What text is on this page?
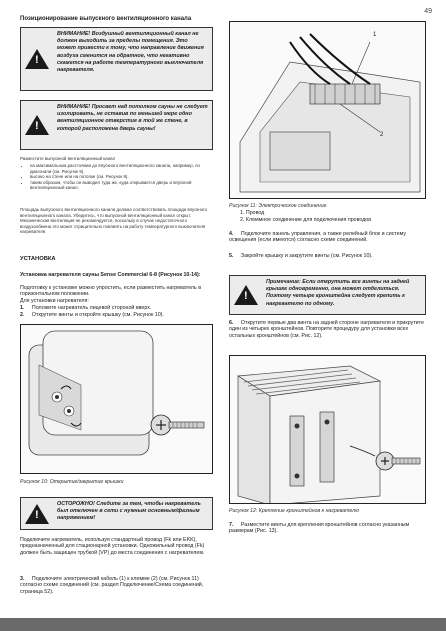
49
Позиционирование выпускного вентиляционного канала
!
ВНИМАНИЕ! Воздушный вентиляционный канал не должен выходить за пределы помещения. Это может привести к тому, что направление движения воздуха сменится на обратное, что негативно скажется на работе температурного выключателя нагревателя.
!
ВНИМАНИЕ! Просвет над потолком сауны не следует изолировать, не оставив по меньшей мере одно вентиляционное отверстие в той же стене, в которой расположена дверь сауны!
Разместите выпускной вентиляционный канал
• на максимальном расстоянии до впускного вентиляционного канала, например, по диагонали (см. Рисунок 9).
• высоко на стене или на потолке (см. Рисунок 9).
• таким образом, чтобы он выводил туда же, куда открывается дверь и впускной вентиляционный канал.
Площадь выпускного вентиляционного канала должна соответствовать площади впускного вентиляционного канала. Убедитесь, что выпускной вентиляционный канал открыт. Механическая вентиляция не рекомендуется, поскольку в случае недостаточного воздухообмена это может отрицательно повлиять на работу температурного выключателя нагревателя.
УСТАНОВКА
Установка нагревателя сауны Sense Commercial 6-8 (Рисунок 10-14):
Подготовку к установке можно упростить, если разместить нагреватель в горизонтальном положении.
Для установки нагревателя:
1. Положите нагреватель лицевой стороной вверх.
2. Открутите винты и откройте крышку (см. Рисунок 10).
Рисунок 10: Открытие/закрытие крышки
!
ОСТОРОЖНО! Следите за тем, чтобы нагреватель был отключен в сети с нужным основным/фазным напряжением!
Подключите нагреватель, используя стандартный провод (Fk или EKK), предназначенный для стационарной установки. Одножильный провод (Fk) должен быть защищен трубкой (VP) до места соединения с нагревателем.
3. Подключите электрический кабель (1) к клемме (2) (см. Рисунок 11) согласно схеме соединений (см. раздел Подключение/Схема соединений, страница 52).
1
2
Рисунок 11: Электрическое соединение
1. Провод
2. Клеммное соединение для подключения проводов
4. Подключите панель управления, а также релейный блок и систему освещения (если имеются) согласно схеме соединений.
5. Закройте крышку и закрутите винты (см. Рисунок 10).
!
Примечание: Если открутить все винты на задней крышке одновременно, она может отделиться. Поэтому четыре кронштейна следует крепить к нагревателю по одному.
6. Открутите первые два винта на задней стороне нагревателя и прикрутите один из четырех кронштейнов. Повторите процедуру для установки всех остальных кронштейнов (см. Рис. 12).
Рисунок 12: Крепление кронштейнов к нагревателю
7. Разместите винты для крепления кронштейнов согласно указанным размерам (Рис. 13).
